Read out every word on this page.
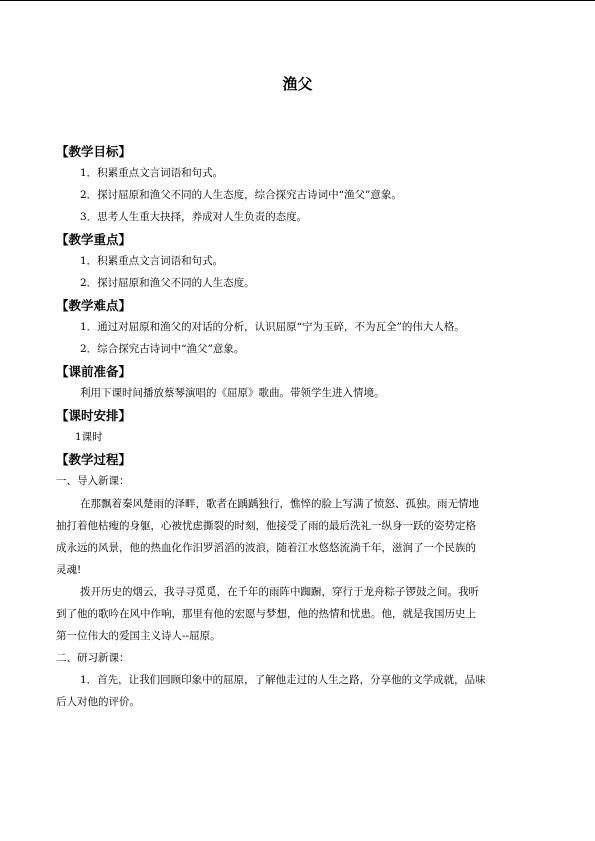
渔父
【教学目标】
1．积累重点文言词语和句式。
2．探讨屈原和渔父不同的人生态度，综合探究古诗词中“渔父”意象。
3．思考人生重大抉择，养成对人生负责的态度。
【教学重点】
1．积累重点文言词语和句式。
2．探讨屈原和渔父不同的人生态度。
【教学难点】
1．通过对屈原和渔父的对话的分析，认识屈原“宁为玉碎，不为瓦全”的伟大人格。
2．综合探究古诗词中“渔父”意象。
【课前准备】
利用下课时间播放蔡琴演唱的《屈原》歌曲。带领学生进入情境。
【课时安排】
1课时
【教学过程】
一、导入新课：
在那飘着秦风楚雨的泽畔，歌者在踽踽独行，憔悴的脸上写满了愤怒、孤独。雨无情地
抽打着他枯瘦的身躯，心被忧虑撕裂的时刻，他接受了雨的最后洗礼一纵身一跃的姿势定格
成永远的风景，他的热血化作汨罗滔滔的波浪，随着江水悠悠流淌千年，滋润了一个民族的
灵魂!
拨开历史的烟云，我寻寻觅觅，在千年的雨阵中踟蹰，穿行于龙舟粽子锣鼓之间。我听
到了他的歌吟在风中作响，那里有他的宏愿与梦想，他的热情和忧患。他，就是我国历史上
第一位伟大的爱国主义诗人--屈原。
二、研习新课：
1．首先，让我们回顾印象中的屈原，了解他走过的人生之路，分享他的文学成就，品味
后人对他的评价。
